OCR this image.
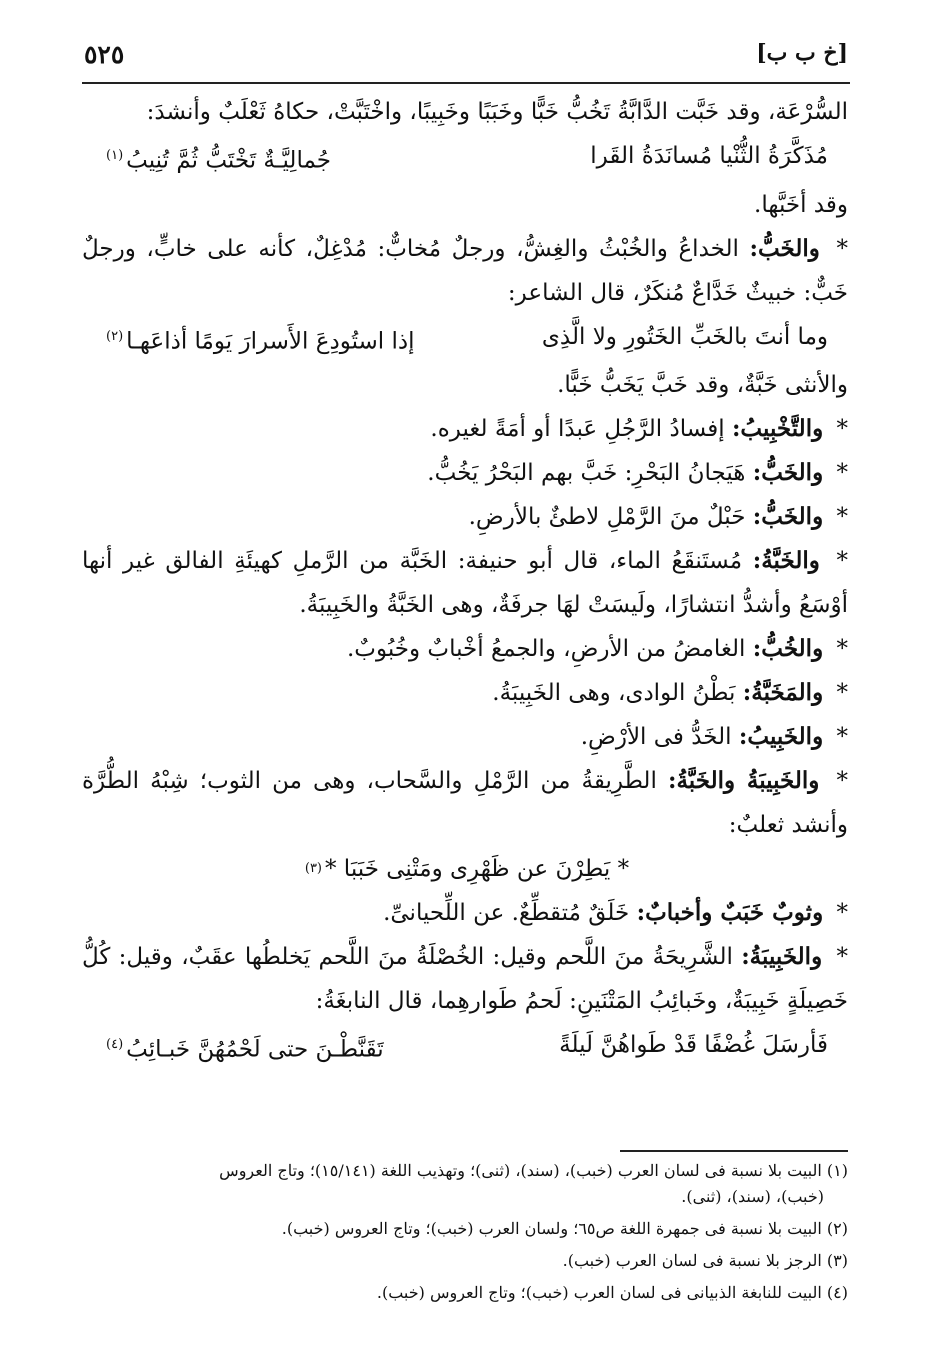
٥٢٥	[خ ب ب]

السُّرْعَة، وقد خَبَّت الدَّابَّةُ تَخُبُّ خَبًّا وخَبَبًا وخَبِيبًا، واخْتَبَّتْ، حكاهُ ثَعْلَبٌ وأنشدَ:

مُذَكَّرَةُ الثُّنْيا مُسانَدَةُ القَرا
جُمالِيَّـةٌ تَخْتَبُّ ثُمَّ تُنِيبُ$^{(١)}$

وقد أخَبَّها.

* والخَبُّ: الخداعُ والخُبْثُ والغِشُّ، ورجلٌ مُخابٌّ: مُدْغِلٌ، كأنه على خابٍّ، ورجلٌ خَبٌّ: خبيثٌ خَدَّاعٌ مُنكَرٌ، قال الشاعر:

وما أنتَ بالخَبِّ الخَتُورِ ولا الَّذِى
إذا استُودِعَ الأَسرارَ يَومًا أذاعَهـا$^{(٢)}$

والأنثى خَبَّةٌ، وقد خَبَّ يَخَبُّ خَبًّا.

* والتَّخْبِيبُ: إفسادُ الرَّجُلِ عَبدًا أو أمَةً لغيره.

* والخَبُّ: هَيَجانُ البَحْرِ: خَبَّ بهم البَحْرُ يَخُبُّ.

* والخَبُّ: حَبْلٌ منَ الرَّمْلِ لاطئٌ بالأرضِ.

* والخَبَّةُ: مُستَنقَعُ الماء، قال أبو حنيفة: الخَبَّة من الرَّملِ كهيئَةِ الفالق غير أنها أوْسَعُ وأشدُّ انتشارًا، ولَيسَتْ لهَا جرفَةٌ، وهى الخَبَّةُ والخَبِيبَةُ.

* والخُبُّ: الغامضُ من الأرضِ، والجمعُ أخْبابٌ وخُبُوبٌ.

* والمَخَبَّةُ: بَطْنُ الوادى، وهى الخَبِيبَةُ.

* والخَبِيبُ: الخَدُّ فى الأرْضِ.

* والخَبِيبَةُ والخَبَّةُ: الطَّرِيقةُ من الرَّمْلِ والسَّحاب، وهى من الثوب؛ شِبْهُ الطُّرَّة وأنشد ثعلبٌ:

* يَطِرْنَ عن ظَهْرِى ومَتْنِى خَبَبَا *
(٣)

* وثوبٌ خَبَبٌ وأخبابٌ: خَلَقٌ مُتقطِّعٌ. عن اللِّحيانىِّ.

* والخَبِيبَةُ: الشَّرِيحَةُ منَ اللَّحم وقيل: الخُصْلَةُ منَ اللَّحم يَخلطُها عقَبٌ، وقيل: كُلُّ خَصِيلَةٍ خَبِيبَةٌ، وخَبائِبُ المَتْنَينِ: لَحمُ طَوارهِما، قال النابغَةُ:

فَأرسَلَ غُضْفًا قَدْ طَواهُنَّ لَيلَةً
تَقَنَّطْـنَ حتى لَحْمُهُنَّ خَبـائِبُ$^{(٤)}$

(١) البيت بلا نسبة فى لسان العرب (خبب)، (سند)، (ثنى)؛ وتهذيب اللغة (١٥/١٤١)؛ وتاج العروس
(خبب)، (سند)، (ثنى).

(٢) البيت بلا نسبة فى جمهرة اللغة ص٦٥؛ ولسان العرب (خبب)؛ وتاج العروس (خبب).

(٣) الرجز بلا نسبة فى لسان العرب (خبب).

(٤) البيت للنابغة الذبيانى فى لسان العرب (خبب)؛ وتاج العروس (خبب).
